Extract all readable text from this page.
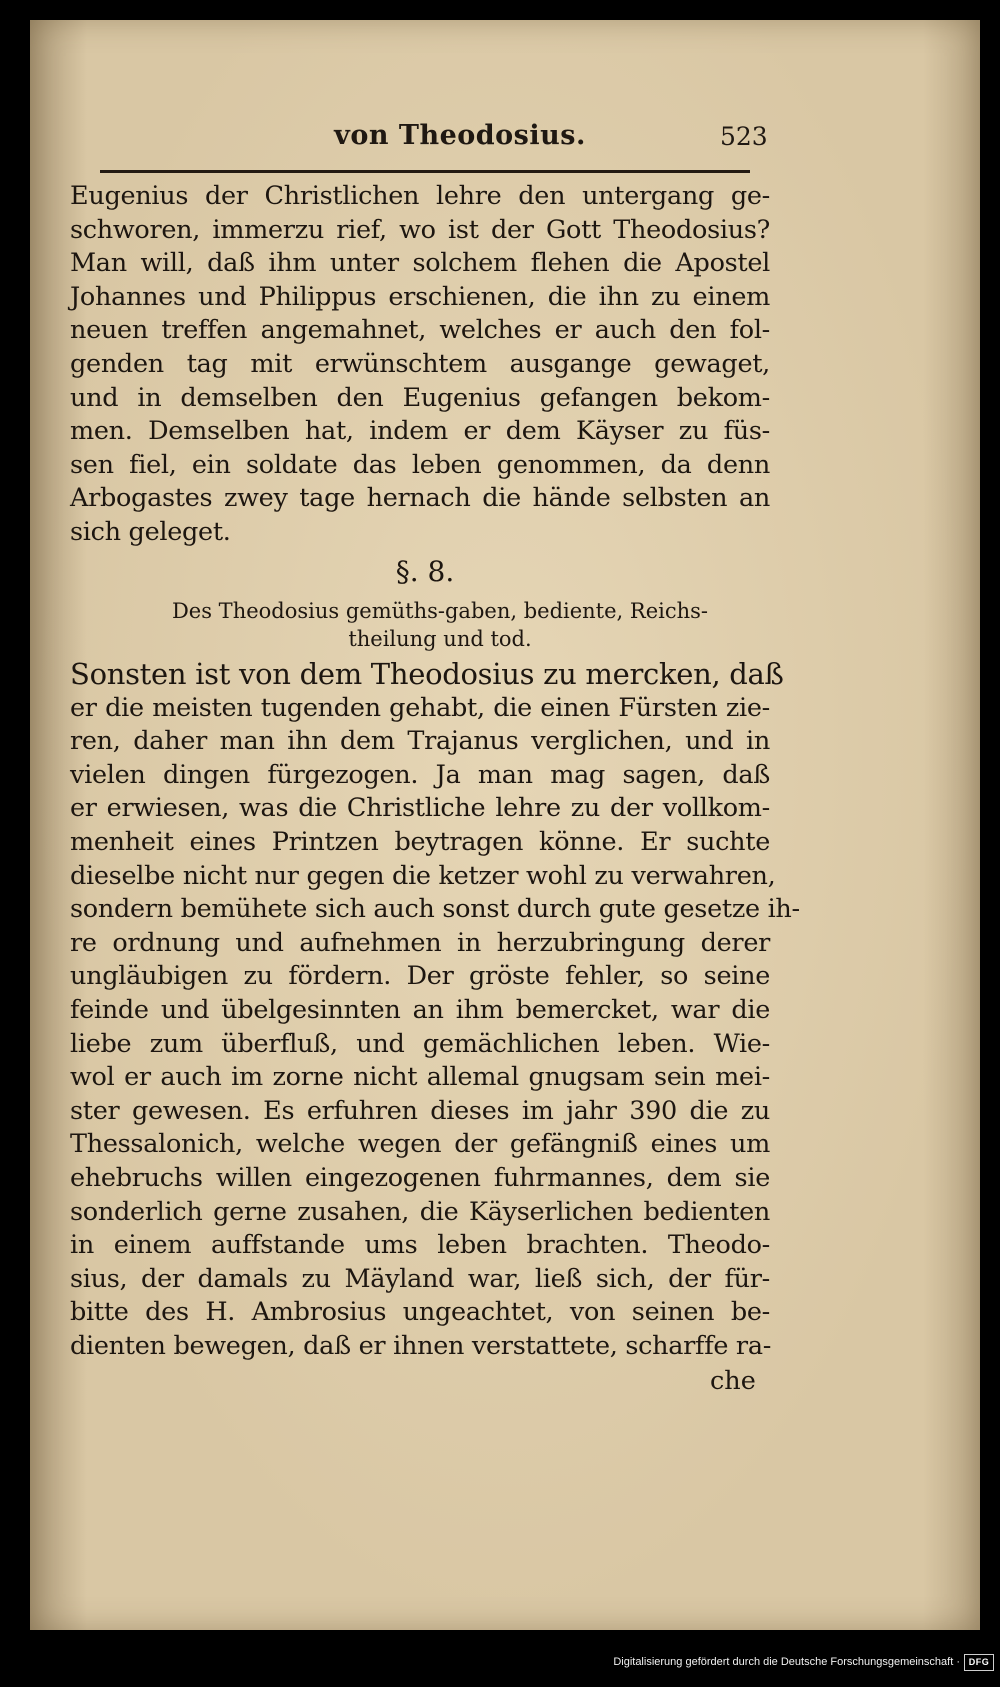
von Theodosius.	523
Eugenius der Christlichen lehre den untergang ge-
schworen, immerzu rief, wo ist der Gott Theodosius?
Man will, daß ihm unter solchem flehen die Apostel
Johannes und Philippus erschienen, die ihn zu einem
neuen treffen angemahnet, welches er auch den fol-
genden tag mit erwünschtem ausgange gewaget,
und in demselben den Eugenius gefangen bekom-
men. Demselben hat, indem er dem Käyser zu füs-
sen fiel, ein soldate das leben genommen, da denn
Arbogastes zwey tage hernach die hände selbsten an
sich geleget.
§. 8.
Des Theodosius gemüths-gaben, bediente, Reichs-
theilung und tod.
Sonsten ist von dem Theodosius zu mercken, daß
er die meisten tugenden gehabt, die einen Fürsten zie-
ren, daher man ihn dem Trajanus verglichen, und in
vielen dingen fürgezogen. Ja man mag sagen, daß
er erwiesen, was die Christliche lehre zu der vollkom-
menheit eines Printzen beytragen könne. Er suchte
dieselbe nicht nur gegen die ketzer wohl zu verwahren,
sondern bemühete sich auch sonst durch gute gesetze ih-
re ordnung und aufnehmen in herzubringung derer
ungläubigen zu fördern. Der gröste fehler, so seine
feinde und übelgesinnten an ihm bemercket, war die
liebe zum überfluß, und gemächlichen leben. Wie-
wol er auch im zorne nicht allemal gnugsam sein mei-
ster gewesen. Es erfuhren dieses im jahr 390 die zu
Thessalonich, welche wegen der gefängniß eines um
ehebruchs willen eingezogenen fuhrmannes, dem sie
sonderlich gerne zusahen, die Käyserlichen bedienten
in einem auffstande ums leben brachten. Theodo-
sius, der damals zu Mäyland war, ließ sich, der für-
bitte des H. Ambrosius ungeachtet, von seinen be-
dienten bewegen, daß er ihnen verstattete, scharffe ra-
che
Digitalisierung gefördert durch die Deutsche Forschungsgemeinschaft · DFG
